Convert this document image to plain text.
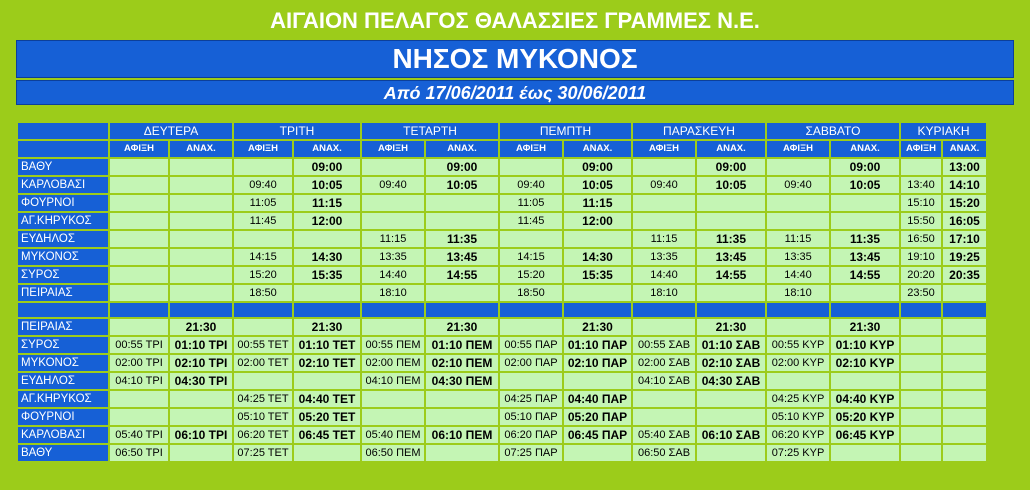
ΑΙΓΑΙΟΝ ΠΕΛΑΓΟΣ ΘΑΛΑΣΣΙΕΣ ΓΡΑΜΜΕΣ Ν.Ε.
ΝΗΣΟΣ ΜΥΚΟΝΟΣ
Από 17/06/2011 έως 30/06/2011
	ΔΕΥΤΕΡΑ		ΤΡΙΤΗ		ΤΕΤΑΡΤΗ		ΠΕΜΠΤΗ		ΠΑΡΑΣΚΕΥΗ		ΣΑΒΒΑΤΟ		ΚΥΡΙΑΚΗ	
	ΑΦΙΞΗ	ΑΝΑΧ.	ΑΦΙΞΗ	ΑΝΑΧ.	ΑΦΙΞΗ	ΑΝΑΧ.	ΑΦΙΞΗ	ΑΝΑΧ.	ΑΦΙΞΗ	ΑΝΑΧ.	ΑΦΙΞΗ	ΑΝΑΧ.	ΑΦΙΞΗ	ΑΝΑΧ.
ΒΑΘΥ				09:00		09:00		09:00		09:00		09:00		13:00
ΚΑΡΛΟΒΑΣΙ			09:40	10:05	09:40	10:05	09:40	10:05	09:40	10:05	09:40	10:05	13:40	14:10
ΦΟΥΡΝΟΙ			11:05	11:15			11:05	11:15					15:10	15:20
ΑΓ.ΚΗΡΥΚΟΣ			11:45	12:00			11:45	12:00					15:50	16:05
ΕΥΔΗΛΟΣ					11:15	11:35			11:15	11:35	11:15	11:35	16:50	17:10
ΜΥΚΟΝΟΣ			14:15	14:30	13:35	13:45	14:15	14:30	13:35	13:45	13:35	13:45	19:10	19:25
ΣΥΡΟΣ			15:20	15:35	14:40	14:55	15:20	15:35	14:40	14:55	14:40	14:55	20:20	20:35
ΠΕΙΡΑΙΑΣ			18:50		18:10		18:50		18:10		18:10		23:50	

ΠΕΙΡΑΙΑΣ		21:30		21:30		21:30		21:30		21:30		21:30		
ΣΥΡΟΣ	00:55 ΤΡΙ	01:10 ΤΡΙ	00:55 ΤΕΤ	01:10 ΤΕΤ	00:55 ΠΕΜ	01:10 ΠΕΜ	00:55 ΠΑΡ	01:10 ΠΑΡ	00:55 ΣΑΒ	01:10 ΣΑΒ	00:55 ΚΥΡ	01:10 ΚΥΡ		
ΜΥΚΟΝΟΣ	02:00 ΤΡΙ	02:10 ΤΡΙ	02:00 ΤΕΤ	02:10 ΤΕΤ	02:00 ΠΕΜ	02:10 ΠΕΜ	02:00 ΠΑΡ	02:10 ΠΑΡ	02:00 ΣΑΒ	02:10 ΣΑΒ	02:00 ΚΥΡ	02:10 ΚΥΡ		
ΕΥΔΗΛΟΣ	04:10 ΤΡΙ	04:30 ΤΡΙ			04:10 ΠΕΜ	04:30 ΠΕΜ			04:10 ΣΑΒ	04:30 ΣΑΒ				
ΑΓ.ΚΗΡΥΚΟΣ			04:25 ΤΕΤ	04:40 ΤΕΤ			04:25 ΠΑΡ	04:40 ΠΑΡ			04:25 ΚΥΡ	04:40 ΚΥΡ		
ΦΟΥΡΝΟΙ			05:10 ΤΕΤ	05:20 ΤΕΤ			05:10 ΠΑΡ	05:20 ΠΑΡ			05:10 ΚΥΡ	05:20 ΚΥΡ		
ΚΑΡΛΟΒΑΣΙ	05:40 ΤΡΙ	06:10 ΤΡΙ	06:20 ΤΕΤ	06:45 ΤΕΤ	05:40 ΠΕΜ	06:10 ΠΕΜ	06:20 ΠΑΡ	06:45 ΠΑΡ	05:40 ΣΑΒ	06:10 ΣΑΒ	06:20 ΚΥΡ	06:45 ΚΥΡ		
ΒΑΘΥ	06:50 ΤΡΙ		07:25 ΤΕΤ		06:50 ΠΕΜ		07:25 ΠΑΡ		06:50 ΣΑΒ		07:25 ΚΥΡ			
